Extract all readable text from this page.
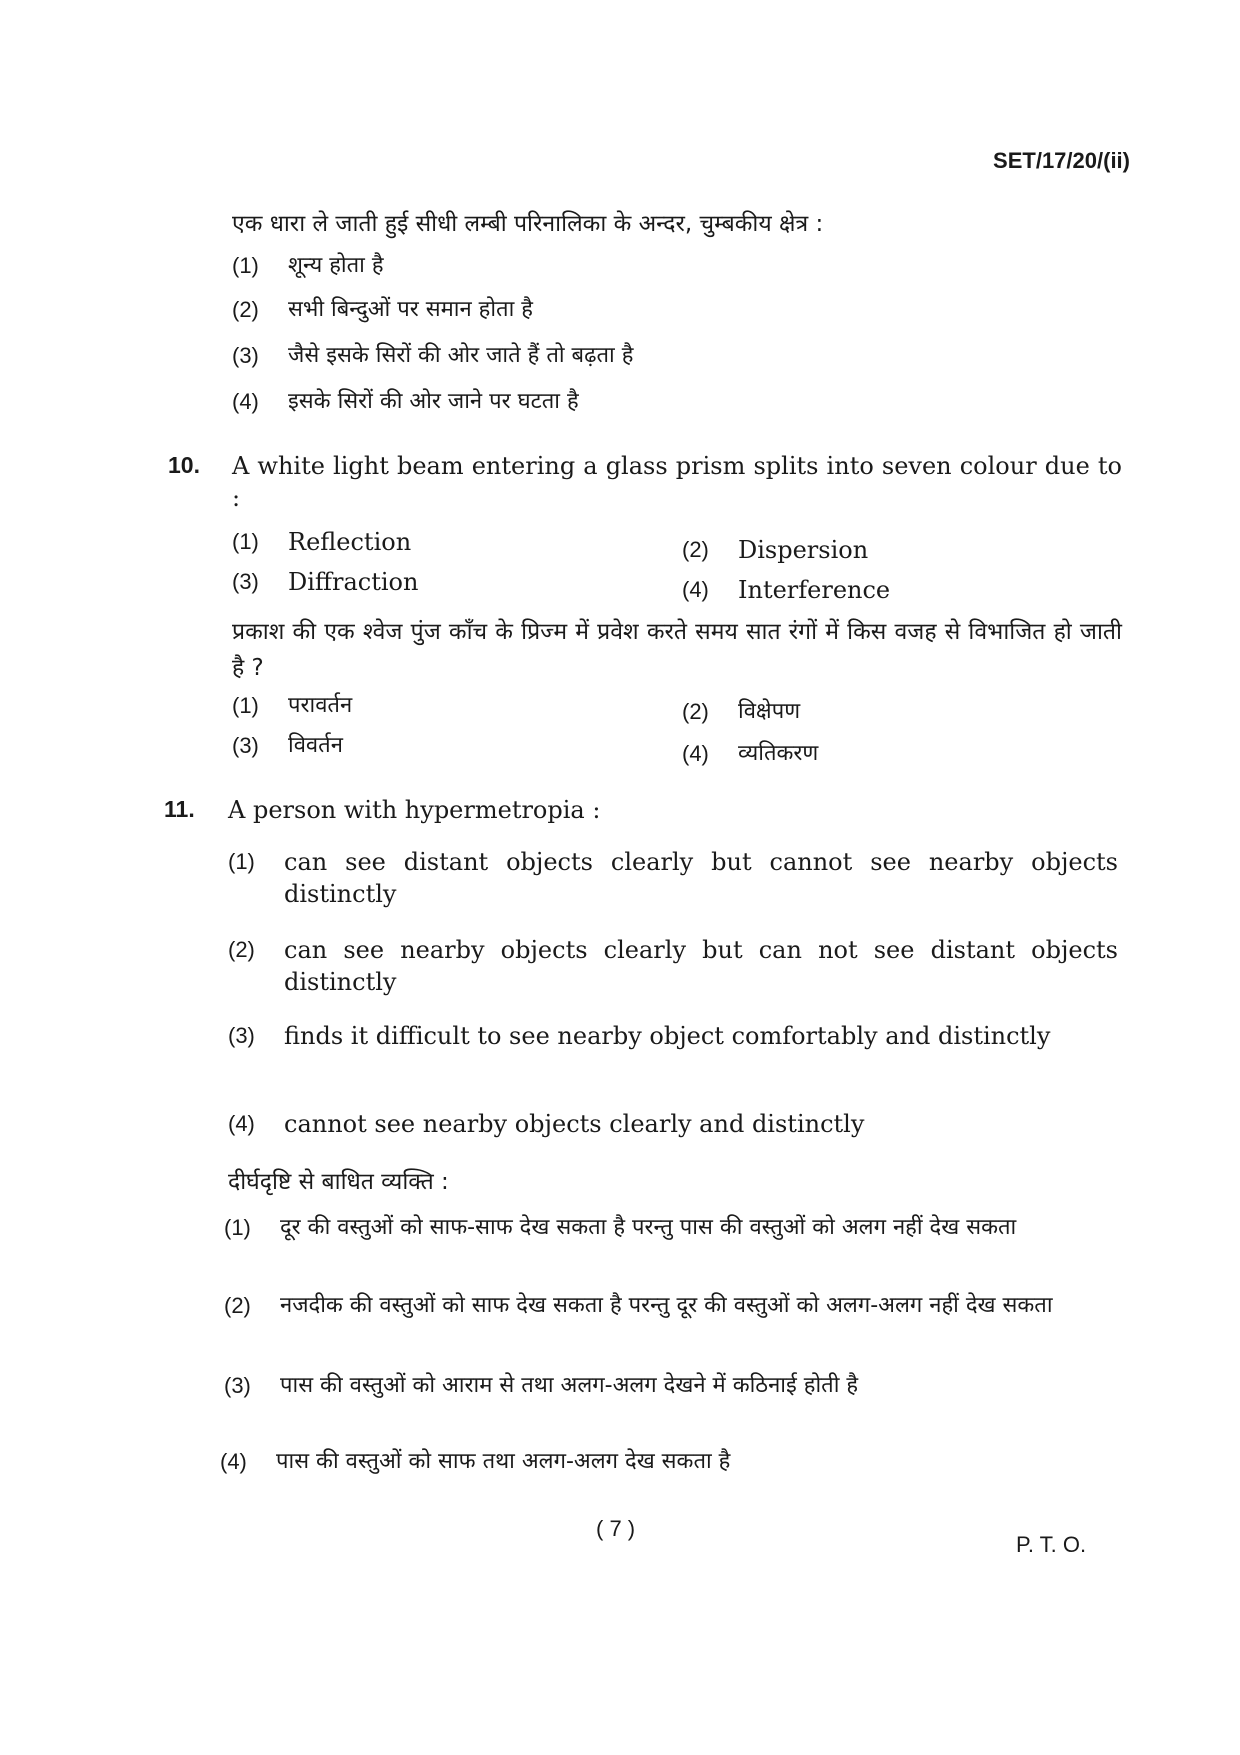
SET/17/20/(ii)
एक धारा ले जाती हुई सीधी लम्बी परिनालिका के अन्दर, चुम्बकीय क्षेत्र :
(1)	शून्य होता है
(2)	सभी बिन्दुओं पर समान होता है
(3)	जैसे इसके सिरों की ओर जाते हैं तो बढ़ता है
(4)	इसके सिरों की ओर जाने पर घटता है
10. A white light beam entering a glass prism splits into seven colour due to :
(1)	Reflection	(2)	Dispersion
(3)	Diffraction	(4)	Interference
प्रकाश की एक श्वेज पुंज काँच के प्रिज्म में प्रवेश करते समय सात रंगों में किस वजह से विभाजित हो जाती है ?
(1)	परावर्तन	(2)	विक्षेपण
(3)	विवर्तन	(4)	व्यतिकरण
11. A person with hypermetropia :
(1)	can see distant objects clearly but cannot see nearby objects distinctly
(2)	can see nearby objects clearly but can not see distant objects distinctly
(3)	finds it difficult to see nearby object comfortably and distinctly
(4)	cannot see nearby objects clearly and distinctly
दीर्घदृष्टि से बाधित व्यक्ति :
(1)	दूर की वस्तुओं को साफ-साफ देख सकता है परन्तु पास की वस्तुओं को अलग नहीं देख सकता
(2)	नजदीक की वस्तुओं को साफ देख सकता है परन्तु दूर की वस्तुओं को अलग-अलग नहीं देख सकता
(3)	पास की वस्तुओं को आराम से तथा अलग-अलग देखने में कठिनाई होती है
(4)	पास की वस्तुओं को साफ तथा अलग-अलग देख सकता है
( 7 )
P. T. O.
